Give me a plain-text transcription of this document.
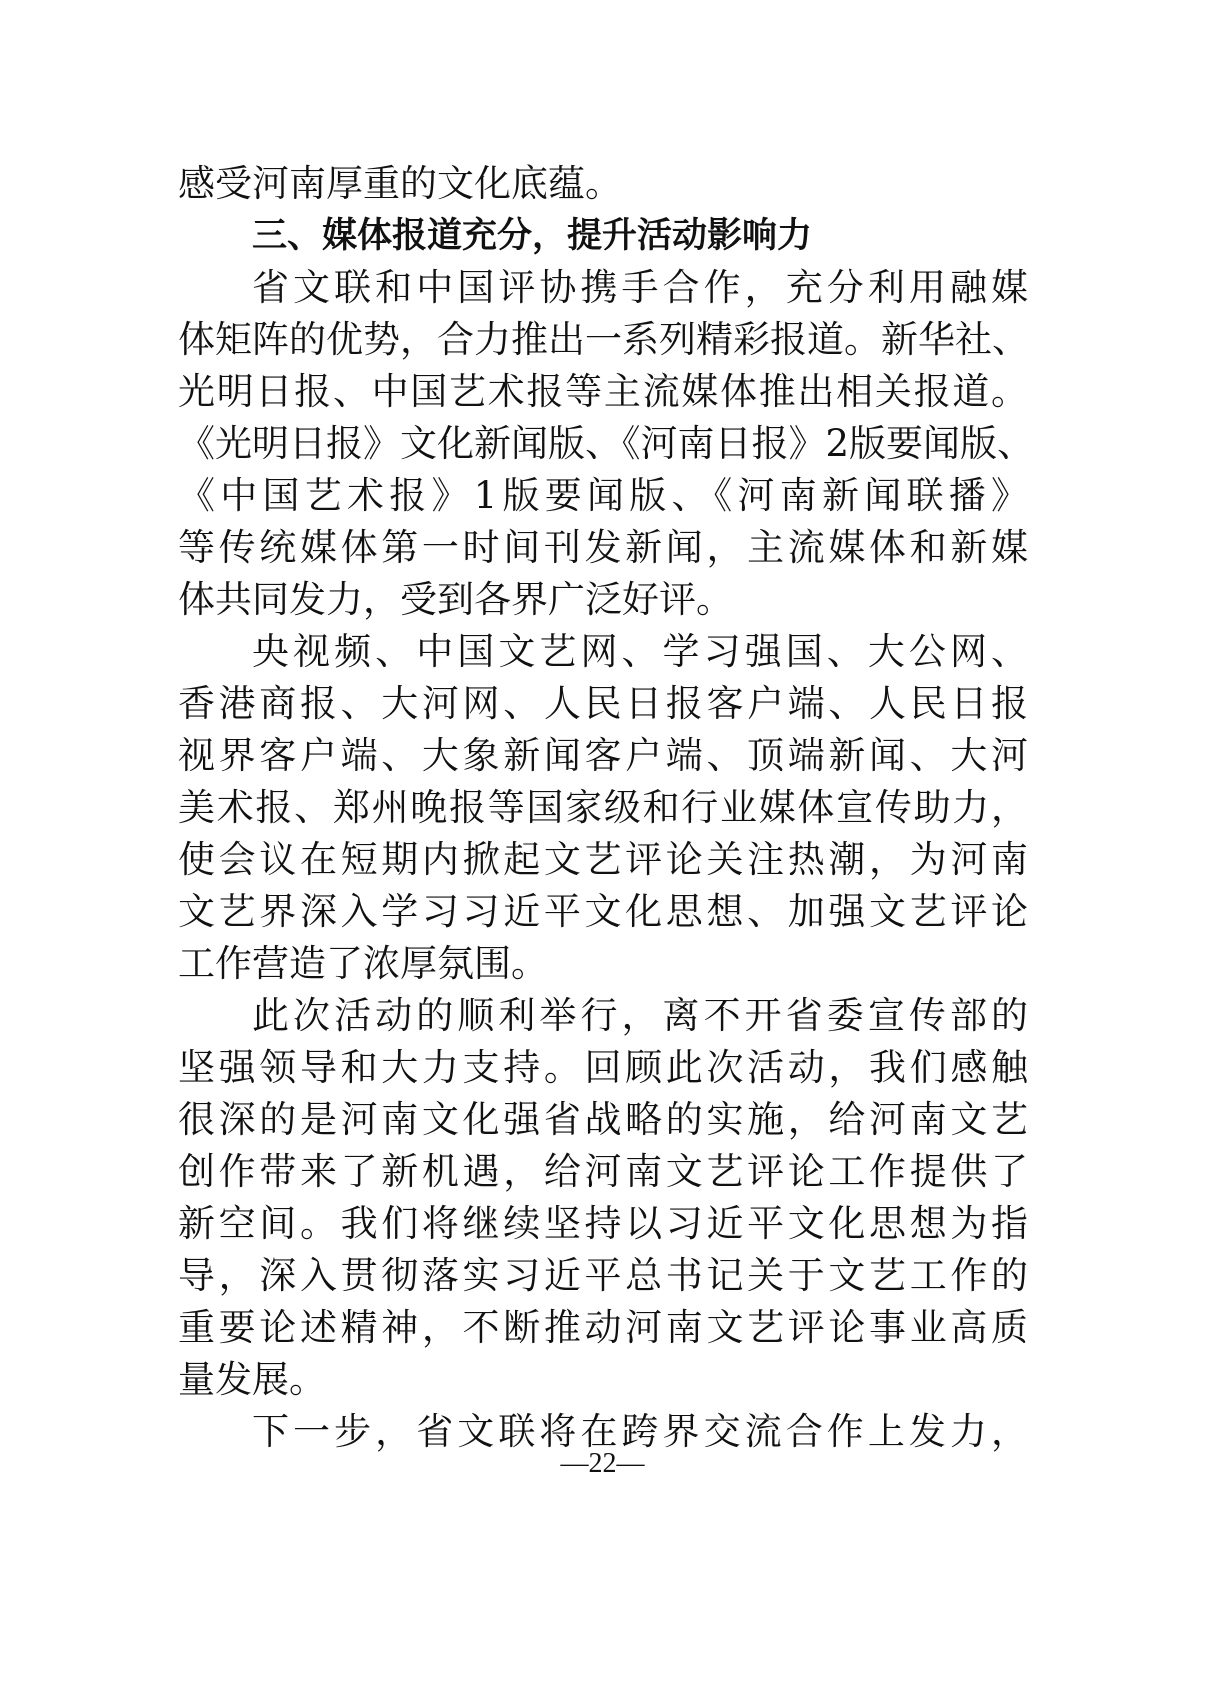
感受河南厚重的文化底蕴。
三、媒体报道充分，提升活动影响力
省文联和中国评协携手合作，充分利用融媒
体矩阵的优势，合力推出一系列精彩报道。新华社、
光明日报、中国艺术报等主流媒体推出相关报道。
《光明日报》文化新闻版、《河南日报》2版要闻版、
《中国艺术报》1版要闻版、《河南新闻联播》
等传统媒体第一时间刊发新闻，主流媒体和新媒
体共同发力，受到各界广泛好评。
央视频、中国文艺网、学习强国、大公网、
香港商报、大河网、人民日报客户端、人民日报
视界客户端、大象新闻客户端、顶端新闻、大河
美术报、郑州晚报等国家级和行业媒体宣传助力，
使会议在短期内掀起文艺评论关注热潮，为河南
文艺界深入学习习近平文化思想、加强文艺评论
工作营造了浓厚氛围。
此次活动的顺利举行，离不开省委宣传部的
坚强领导和大力支持。回顾此次活动，我们感触
很深的是河南文化强省战略的实施，给河南文艺
创作带来了新机遇，给河南文艺评论工作提供了
新空间。我们将继续坚持以习近平文化思想为指
导，深入贯彻落实习近平总书记关于文艺工作的
重要论述精神，不断推动河南文艺评论事业高质
量发展。
下一步，省文联将在跨界交流合作上发力，
—22—
